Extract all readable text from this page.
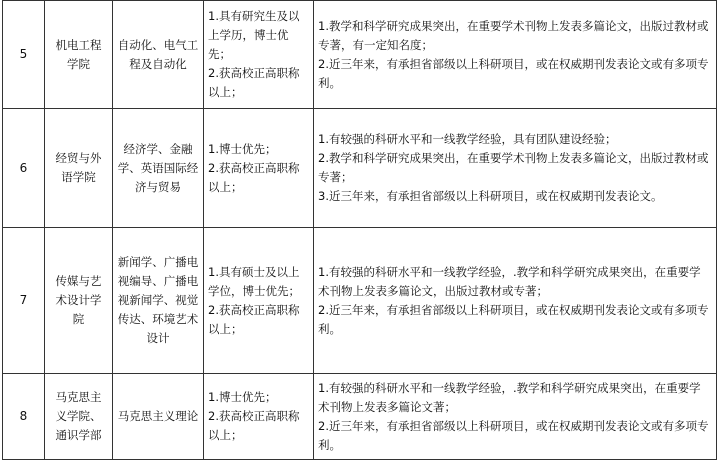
5	机电工程学院	自动化、电气工程及自动化	1.具有研究生及以上学历，博士优先；
2.获高校正高职称以上；	1.教学和科学研究成果突出，在重要学术刊物上发表多篇论文，出版过教材或专著，有一定知名度；
2.近三年来，有承担省部级以上科研项目，或在权威期刊发表论文或有多项专利。

6	经贸与外语学院	经济学、金融学、英语国际经济与贸易	1.博士优先；
2.获高校正高职称以上；	1.有较强的科研水平和一线教学经验，具有团队建设经验；
2.教学和科学研究成果突出，在重要学术刊物上发表多篇论文，出版过教材或专著；
3.近三年来，有承担省部级以上科研项目，或在权威期刊发表论文。

7	传媒与艺术设计学院	新闻学、广播电视编导、广播电视新闻学、视觉传达、环境艺术设计	1.具有硕士及以上学位，博士优先；
2.获高校正高职称以上；	1.有较强的科研水平和一线教学经验，.教学和科学研究成果突出，在重要学术刊物上发表多篇论文，出版过教材或专著；
2.近三年来，有承担省部级以上科研项目，或在权威期刊发表论文或有多项专利。

8	马克思主义学院、通识学部	马克思主义理论	1.博士优先；
2.获高校正高职称以上；	1.有较强的科研水平和一线教学经验，.教学和科学研究成果突出，在重要学术刊物上发表多篇论文著；
2.近三年来，有承担省部级以上科研项目，或在权威期刊发表论文或有多项专利。
